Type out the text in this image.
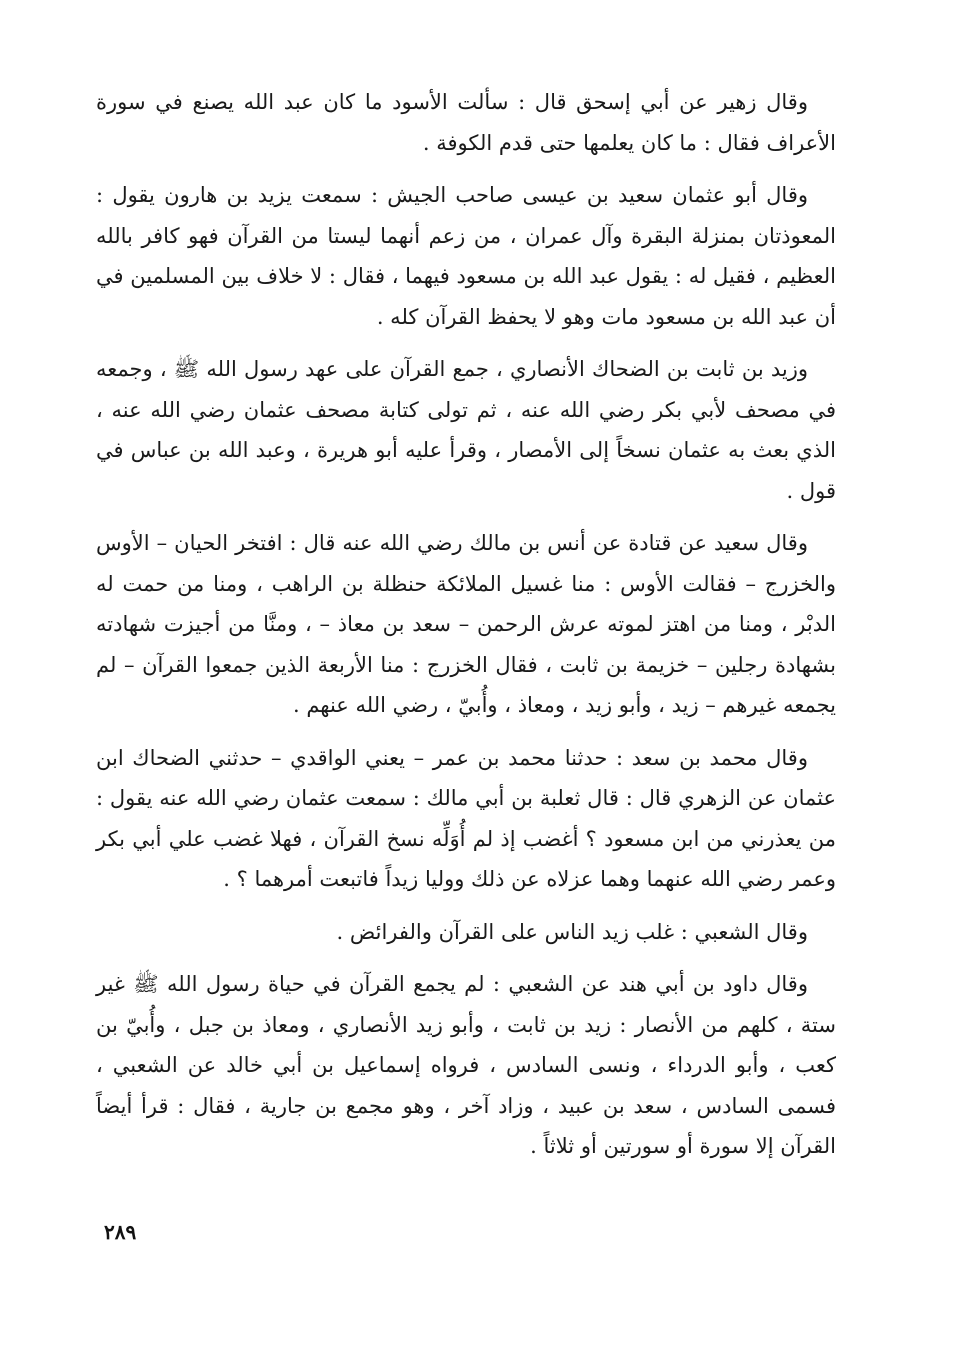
وقال زهير عن أبي إسحق قال : سألت الأسود ما كان عبد الله يصنع في سورة الأعراف فقال : ما كان يعلمها حتى قدم الكوفة .

وقال أبو عثمان سعيد بن عيسى صاحب الجيش : سمعت يزيد بن هارون يقول : المعوذتان بمنزلة البقرة وآل عمران ، من زعم أنهما ليستا من القرآن فهو كافر بالله العظيم ، فقيل له : يقول عبد الله بن مسعود فيهما ، فقال : لا خلاف بين المسلمين في أن عبد الله بن مسعود مات وهو لا يحفظ القرآن كله .

وزيد بن ثابت بن الضحاك الأنصاري ، جمع القرآن على عهد رسول الله ﷺ ، وجمعه في مصحف لأبي بكر رضي الله عنه ، ثم تولى كتابة مصحف عثمان رضي الله عنه ، الذي بعث به عثمان نسخاً إلى الأمصار ، وقرأ عليه أبو هريرة ، وعبد الله بن عباس في قول .

وقال سعيد عن قتادة عن أنس بن مالك رضي الله عنه قال : افتخر الحيان – الأوس والخزرج – فقالت الأوس : منا غسيل الملائكة حنظلة بن الراهب ، ومنا من حمت له الدبْر ، ومنا من اهتز لموته عرش الرحمن – سعد بن معاذ – ، ومنَّا من أجيزت شهادته بشهادة رجلين – خزيمة بن ثابت ، فقال الخزرج : منا الأربعة الذين جمعوا القرآن – لم يجمعه غيرهم – زيد ، وأبو زيد ، ومعاذ ، وأُبيّ ، رضي الله عنهم .

وقال محمد بن سعد : حدثنا محمد بن عمر – يعني الواقدي – حدثني الضحاك ابن عثمان عن الزهري قال : قال ثعلبة بن أبي مالك : سمعت عثمان رضي الله عنه يقول : من يعذرني من ابن مسعود ؟ أغضب إذ لم أُوَلِّه نسخ القرآن ، فهلا غضب علي أبي بكر وعمر رضي الله عنهما وهما عزلاه عن ذلك ووليا زيداً فاتبعت أمرهما ؟ .

وقال الشعبي : غلب زيد الناس على القرآن والفرائض .

وقال داود بن أبي هند عن الشعبي : لم يجمع القرآن في حياة رسول الله ﷺ غير ستة ، كلهم من الأنصار : زيد بن ثابت ، وأبو زيد الأنصاري ، ومعاذ بن جبل ، وأُبيّ بن كعب ، وأبو الدرداء ، ونسى السادس ، فرواه إسماعيل بن أبي خالد عن الشعبي ، فسمى السادس ، سعد بن عبيد ، وزاد آخر ، وهو مجمع بن جارية ، فقال : قرأ أيضاً القرآن إلا سورة أو سورتين أو ثلاثاً .

٢٨٩
